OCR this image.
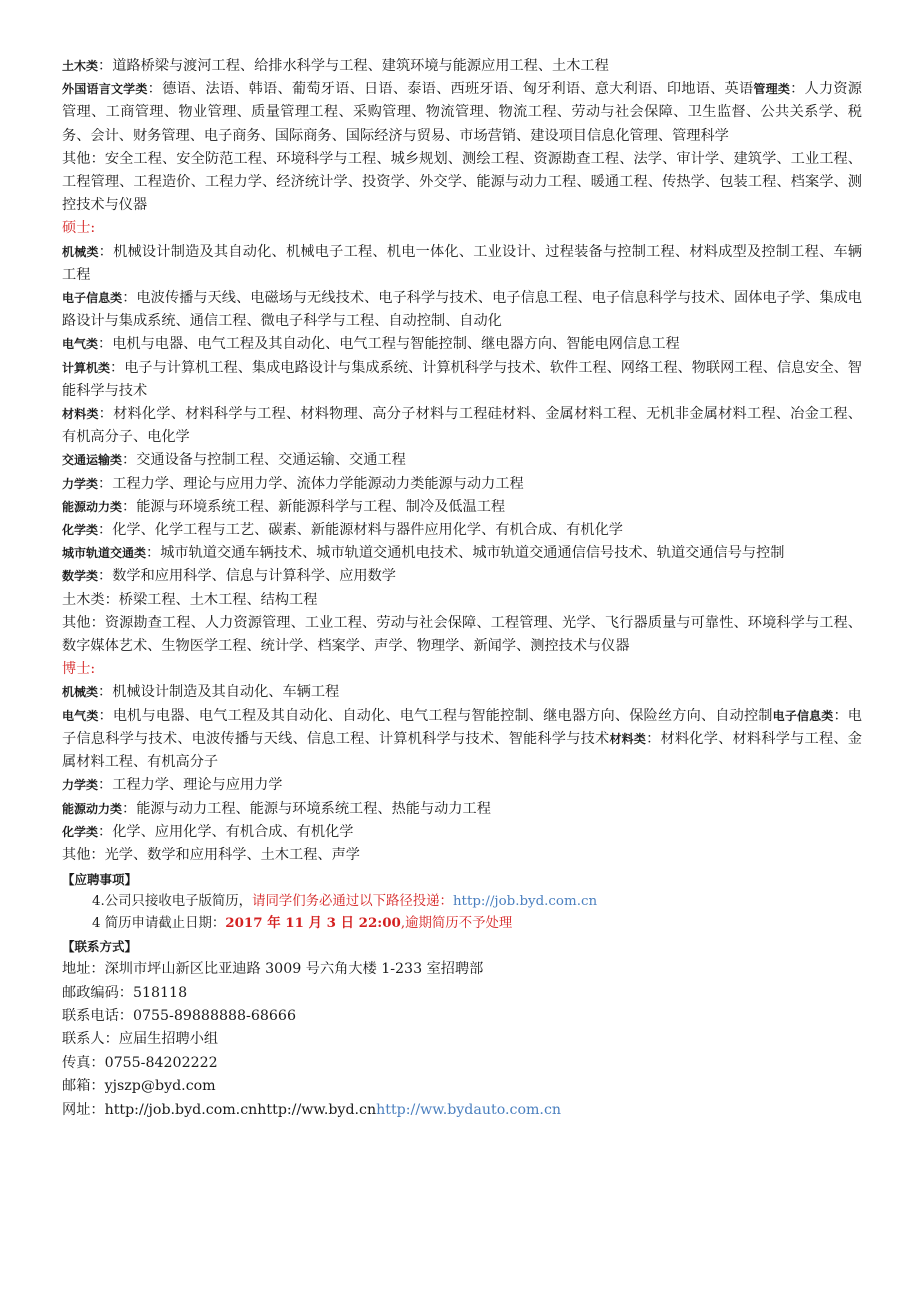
土木类：道路桥梁与渡河工程、给排水科学与工程、建筑环境与能源应用工程、土木工程

外国语言文学类：德语、法语、韩语、葡萄牙语、日语、泰语、西班牙语、匈牙利语、意大利语、印地语、英语管理类：人力资源管理、工商管理、物业管理、质量管理工程、采购管理、物流管理、物流工程、劳动与社会保障、卫生监督、公共关系学、税务、会计、财务管理、电子商务、国际商务、国际经济与贸易、市场营销、建设项目信息化管理、管理科学

其他：安全工程、安全防范工程、环境科学与工程、城乡规划、测绘工程、资源勘查工程、法学、审计学、建筑学、工业工程、工程管理、工程造价、工程力学、经济统计学、投资学、外交学、能源与动力工程、暖通工程、传热学、包装工程、档案学、测控技术与仪器

硕士:

机械类：机械设计制造及其自动化、机械电子工程、机电一体化、工业设计、过程装备与控制工程、材料成型及控制工程、车辆工程

电子信息类：电波传播与天线、电磁场与无线技术、电子科学与技术、电子信息工程、电子信息科学与技术、固体电子学、集成电路设计与集成系统、通信工程、微电子科学与工程、自动控制、自动化

电气类：电机与电器、电气工程及其自动化、电气工程与智能控制、继电器方向、智能电网信息工程

计算机类：电子与计算机工程、集成电路设计与集成系统、计算机科学与技术、软件工程、网络工程、物联网工程、信息安全、智能科学与技术

材料类：材料化学、材料科学与工程、材料物理、高分子材料与工程硅材料、金属材料工程、无机非金属材料工程、冶金工程、有机高分子、电化学

交通运输类：交通设备与控制工程、交通运输、交通工程

力学类：工程力学、理论与应用力学、流体力学能源动力类能源与动力工程

能源动力类：能源与环境系统工程、新能源科学与工程、制冷及低温工程

化学类：化学、化学工程与工艺、碳素、新能源材料与器件应用化学、有机合成、有机化学

城市轨道交通类：城市轨道交通车辆技术、城市轨道交通机电技术、城市轨道交通通信信号技术、轨道交通信号与控制

数学类：数学和应用科学、信息与计算科学、应用数学

土木类：桥梁工程、土木工程、结构工程

其他：资源勘查工程、人力资源管理、工业工程、劳动与社会保障、工程管理、光学、飞行器质量与可靠性、环境科学与工程、数字媒体艺术、生物医学工程、统计学、档案学、声学、物理学、新闻学、测控技术与仪器

博士:

机械类：机械设计制造及其自动化、车辆工程

电气类：电机与电器、电气工程及其自动化、自动化、电气工程与智能控制、继电器方向、保险丝方向、自动控制电子信息类：电子信息科学与技术、电波传播与天线、信息工程、计算机科学与技术、智能科学与技术材料类：材料化学、材料科学与工程、金属材料工程、有机高分子

力学类：工程力学、理论与应用力学

能源动力类：能源与动力工程、能源与环境系统工程、热能与动力工程

化学类：化学、应用化学、有机合成、有机化学

其他：光学、数学和应用科学、土木工程、声学

【应聘事项】

4.公司只接收电子版简历，请同学们务必通过以下路径投递：http://job.byd.com.cn

4 简历申请截止日期：2017 年 11 月 3 日 22:00,逾期简历不予处理

【联系方式】

地址：深圳市坪山新区比亚迪路 3009 号六角大楼 1-233 室招聘部

邮政编码：518118

联系电话：0755-89888888-68666

联系人：应届生招聘小组

传真：0755-84202222

邮箱：yjszp@byd.com

网址：http://job.byd.com.cnhttp://ww.byd.cnhttp://ww.bydauto.com.cn
